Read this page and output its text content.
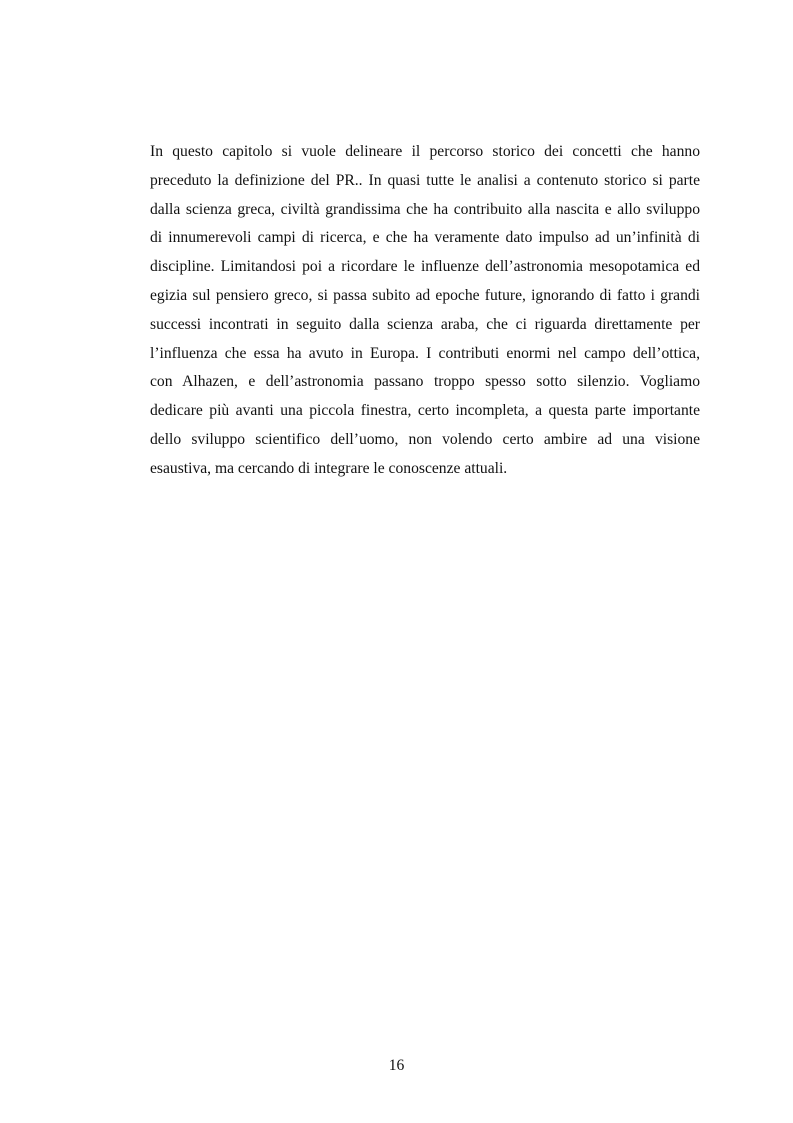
In questo capitolo si vuole delineare il percorso storico dei concetti che hanno
preceduto la definizione del PR.. In quasi tutte le analisi a contenuto storico si parte
dalla scienza greca, civiltà grandissima che ha contribuito alla nascita e allo sviluppo
di innumerevoli campi di ricerca, e che ha veramente dato impulso ad un’infinità di
discipline. Limitandosi poi a ricordare le influenze dell’astronomia mesopotamica ed
egizia sul pensiero greco, si passa subito ad epoche future, ignorando di fatto i grandi
successi incontrati in seguito dalla scienza araba, che ci riguarda direttamente per
l’influenza che essa ha avuto in Europa. I contributi enormi nel campo dell’ottica,
con Alhazen, e dell’astronomia passano troppo spesso sotto silenzio. Vogliamo
dedicare più avanti una piccola finestra, certo incompleta, a questa parte importante
dello sviluppo scientifico dell’uomo, non volendo certo ambire ad una visione
esaustiva, ma cercando di integrare le conoscenze attuali.
16
